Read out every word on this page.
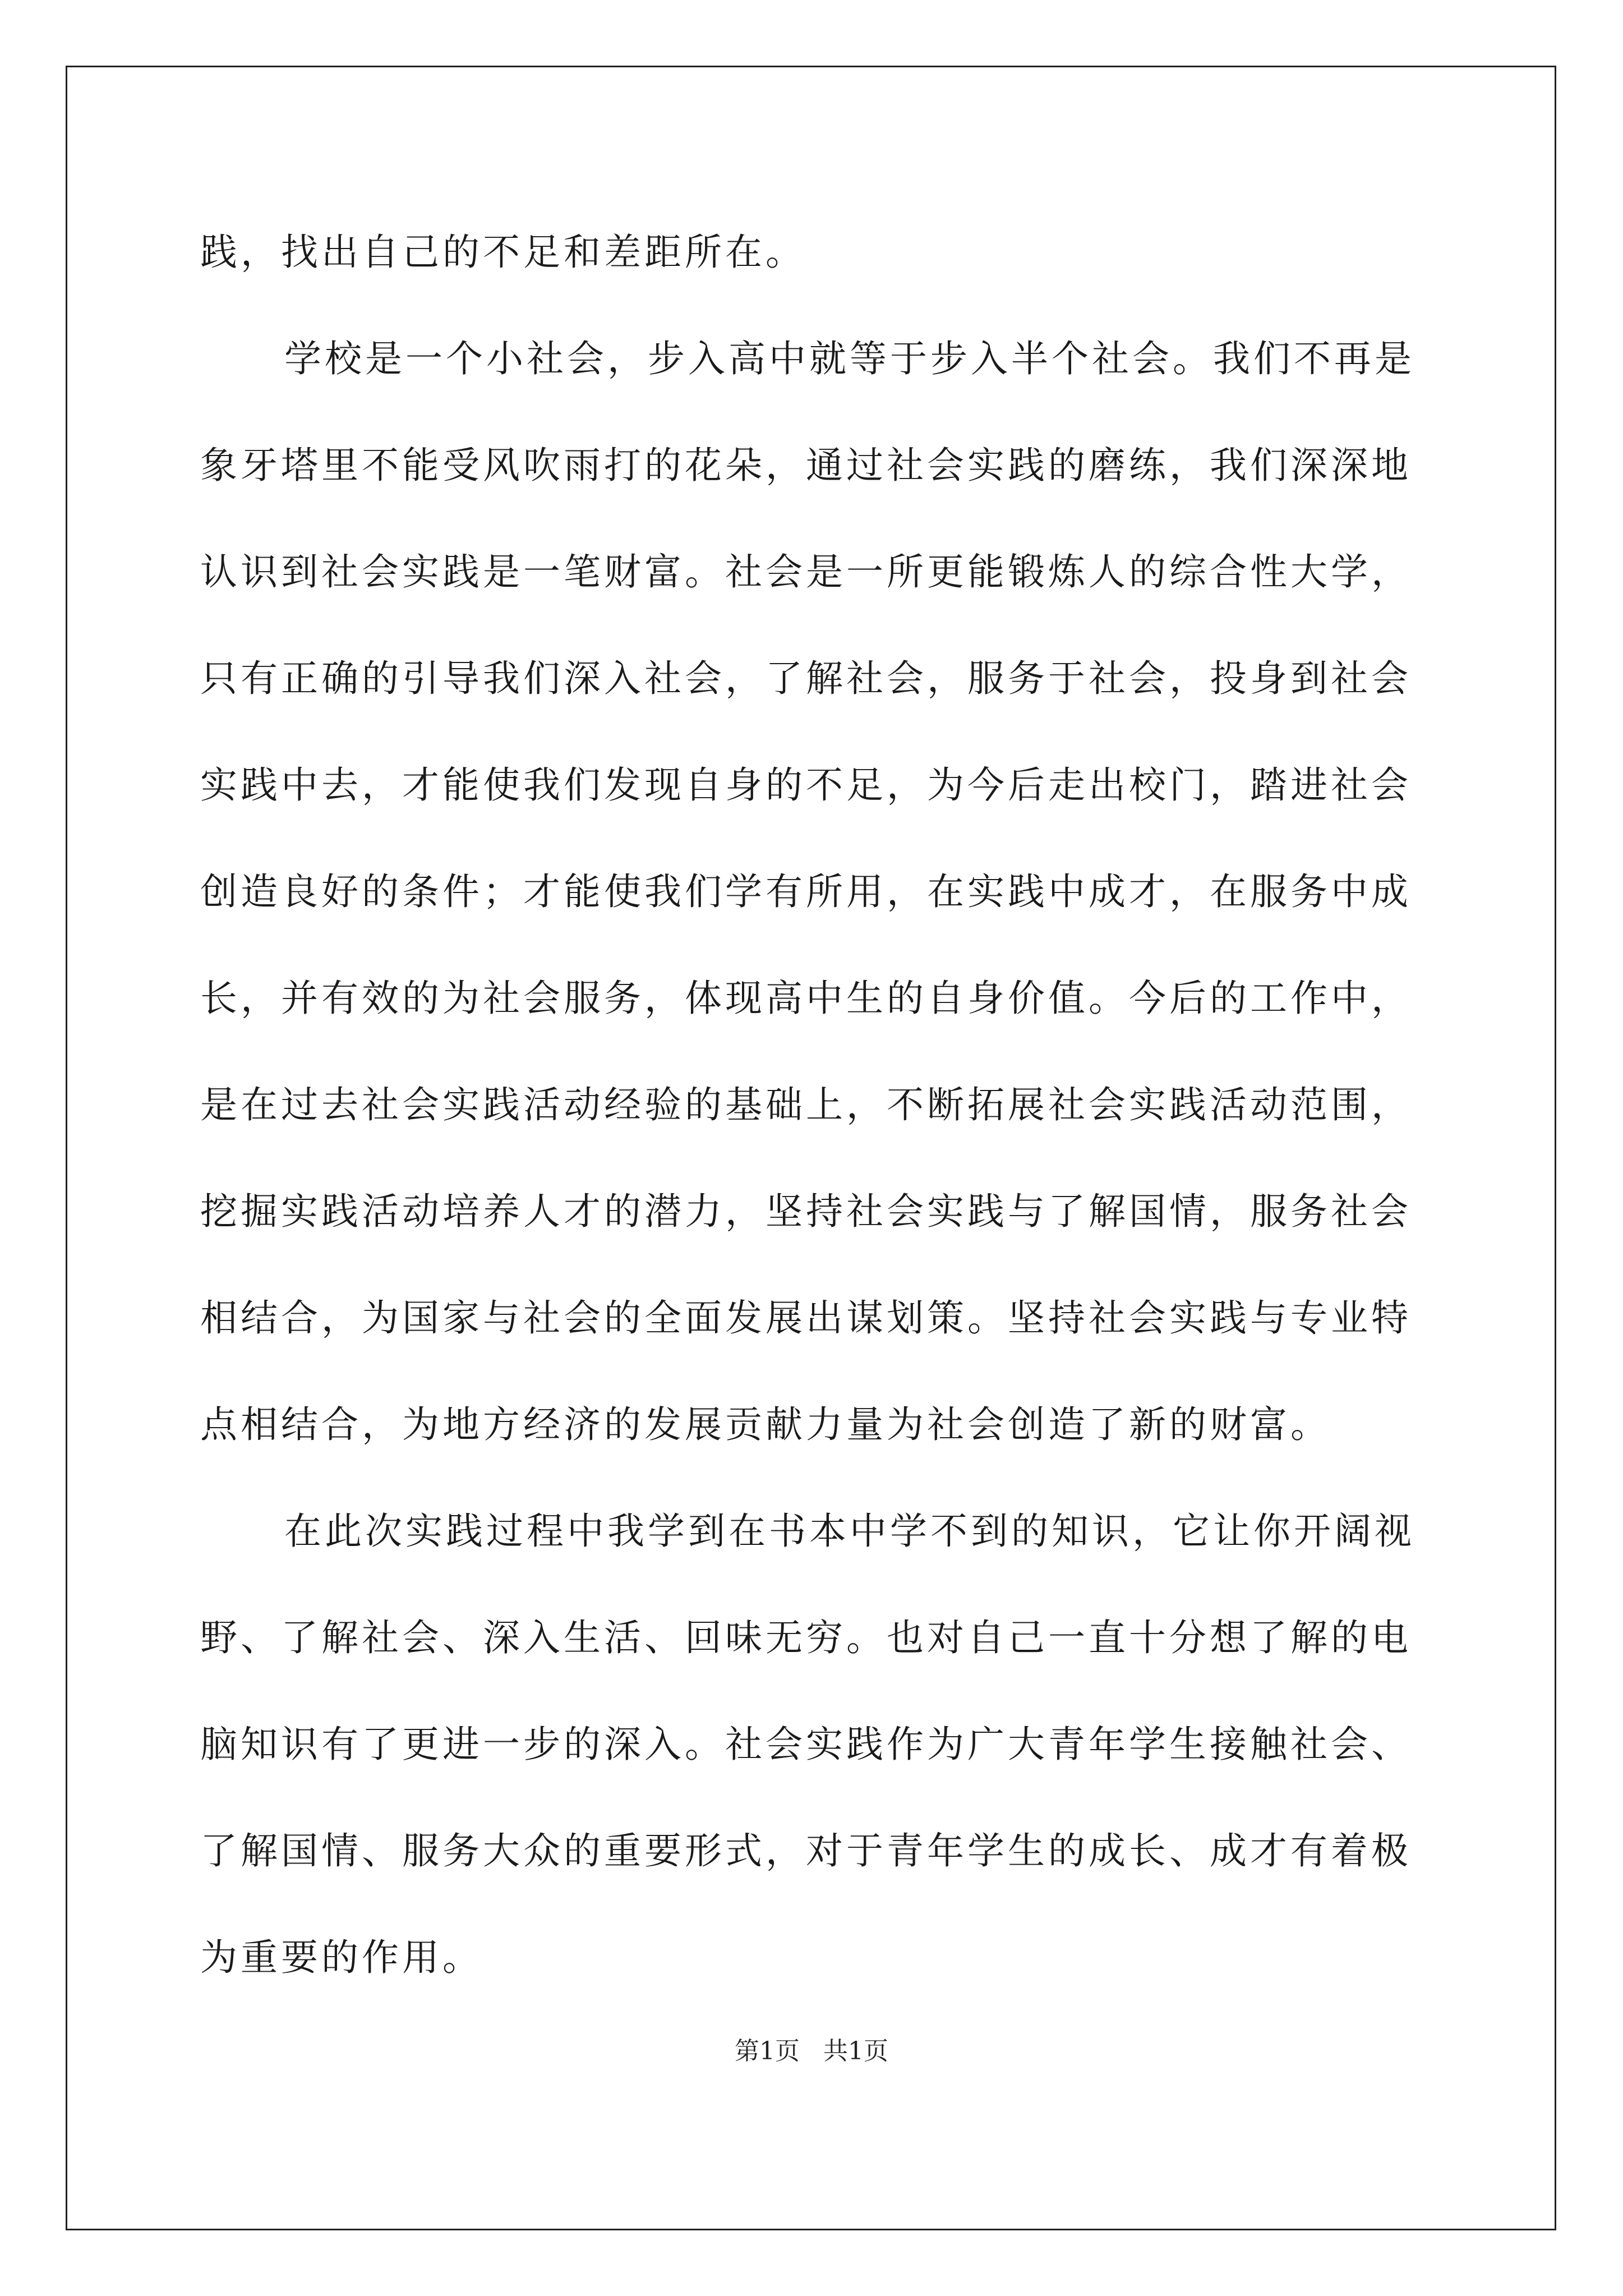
践，找出自己的不足和差距所在。
学校是一个小社会，步入高中就等于步入半个社会。我们不再是
象牙塔里不能受风吹雨打的花朵，通过社会实践的磨练，我们深深地
认识到社会实践是一笔财富。社会是一所更能锻炼人的综合性大学，
只有正确的引导我们深入社会，了解社会，服务于社会，投身到社会
实践中去，才能使我们发现自身的不足，为今后走出校门，踏进社会
创造良好的条件；才能使我们学有所用，在实践中成才，在服务中成
长，并有效的为社会服务，体现高中生的自身价值。今后的工作中，
是在过去社会实践活动经验的基础上，不断拓展社会实践活动范围，
挖掘实践活动培养人才的潜力，坚持社会实践与了解国情，服务社会
相结合，为国家与社会的全面发展出谋划策。坚持社会实践与专业特
点相结合，为地方经济的发展贡献力量为社会创造了新的财富。
在此次实践过程中我学到在书本中学不到的知识，它让你开阔视
野、了解社会、深入生活、回味无穷。也对自己一直十分想了解的电
脑知识有了更进一步的深入。社会实践作为广大青年学生接触社会、
了解国情、服务大众的重要形式，对于青年学生的成长、成才有着极
为重要的作用。
第1页 共1页
